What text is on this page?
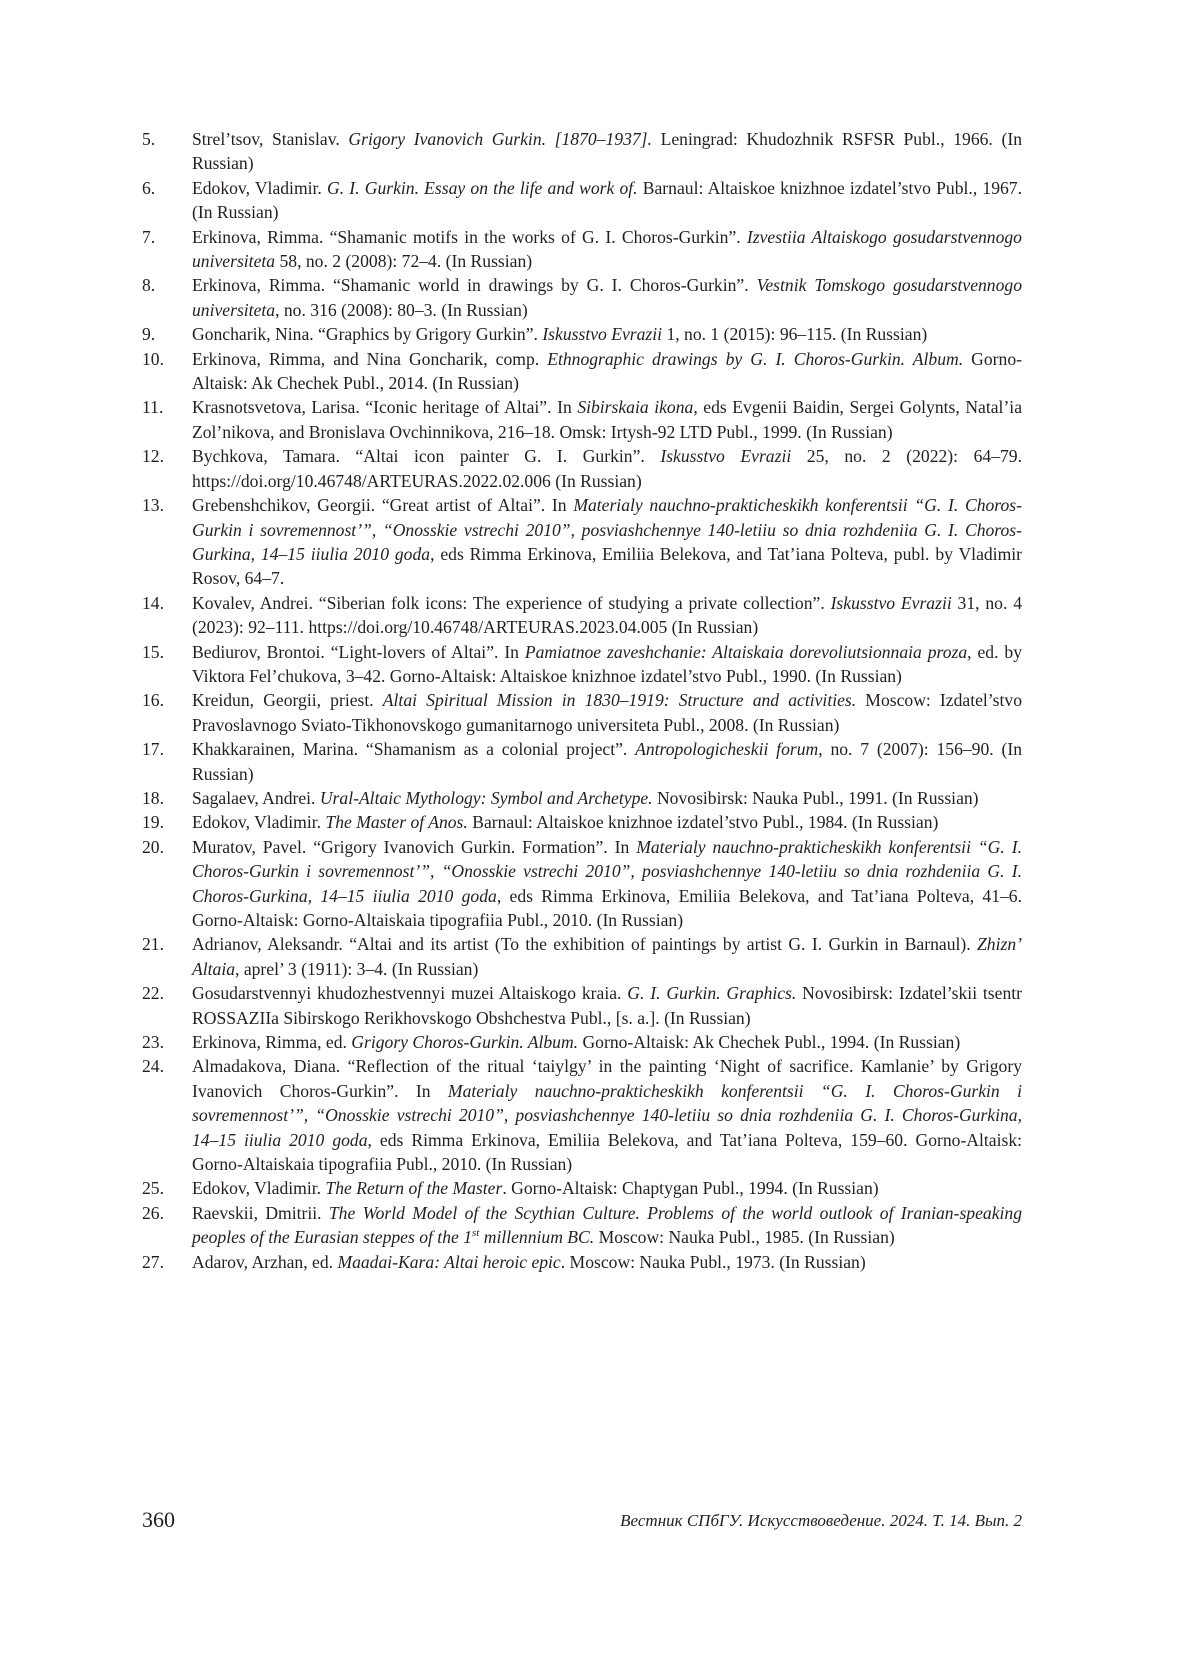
5. Strel’tsov, Stanislav. Grigory Ivanovich Gurkin. [1870–1937]. Leningrad: Khudozhnik RSFSR Publ., 1966. (In Russian)
6. Edokov, Vladimir. G. I. Gurkin. Essay on the life and work of. Barnaul: Altaiskoe knizhnoe izdatel’stvo Publ., 1967. (In Russian)
7. Erkinova, Rimma. “Shamanic motifs in the works of G. I. Choros-Gurkin”. Izvestiia Altaiskogo gosudarstvennogo universiteta 58, no. 2 (2008): 72–4. (In Russian)
8. Erkinova, Rimma. “Shamanic world in drawings by G. I. Choros-Gurkin”. Vestnik Tomskogo gosudarstvennogo universiteta, no. 316 (2008): 80–3. (In Russian)
9. Goncharik, Nina. “Graphics by Grigory Gurkin”. Iskusstvo Evrazii 1, no. 1 (2015): 96–115. (In Russian)
10. Erkinova, Rimma, and Nina Goncharik, comp. Ethnographic drawings by G. I. Choros-Gurkin. Album. Gorno-Altaisk: Ak Chechek Publ., 2014. (In Russian)
11. Krasnotsvetova, Larisa. “Iconic heritage of Altai”. In Sibirskaia ikona, eds Evgenii Baidin, Sergei Golynts, Natal’ia Zol’nikova, and Bronislava Ovchinnikova, 216–18. Omsk: Irtysh-92 LTD Publ., 1999. (In Russian)
12. Bychkova, Tamara. “Altai icon painter G. I. Gurkin”. Iskusstvo Evrazii 25, no. 2 (2022): 64–79. https://doi.org/10.46748/ARTEURAS.2022.02.006 (In Russian)
13. Grebenshchikov, Georgii. “Great artist of Altai”. In Materialy nauchno-prakticheskikh konferentsii “G. I. Choros-Gurkin i sovremennost’”, “Onosskie vstrechi 2010”, posviashchennye 140-letiiu so dnia rozhdeniia G. I. Choros-Gurkina, 14–15 iiulia 2010 goda, eds Rimma Erkinova, Emiliia Belekova, and Tat’iana Polteva, publ. by Vladimir Rosov, 64–7.
14. Kovalev, Andrei. “Siberian folk icons: The experience of studying a private collection”. Iskusstvo Evrazii 31, no. 4 (2023): 92–111. https://doi.org/10.46748/ARTEURAS.2023.04.005 (In Russian)
15. Bediurov, Brontoi. “Light-lovers of Altai”. In Pamiatnoe zaveshchanie: Altaiskaia dorevoliutsionnaia proza, ed. by Viktora Fel’chukova, 3–42. Gorno-Altaisk: Altaiskoe knizhnoe izdatel’stvo Publ., 1990. (In Russian)
16. Kreidun, Georgii, priest. Altai Spiritual Mission in 1830–1919: Structure and activities. Moscow: Izdatel’stvo Pravoslavnogo Sviato-Tikhonovskogo gumanitarnogo universiteta Publ., 2008. (In Russian)
17. Khakkarainen, Marina. “Shamanism as a colonial project”. Antropologicheskii forum, no. 7 (2007): 156–90. (In Russian)
18. Sagalaev, Andrei. Ural-Altaic Mythology: Symbol and Archetype. Novosibirsk: Nauka Publ., 1991. (In Russian)
19. Edokov, Vladimir. The Master of Anos. Barnaul: Altaiskoe knizhnoe izdatel’stvo Publ., 1984. (In Russian)
20. Muratov, Pavel. “Grigory Ivanovich Gurkin. Formation”. In Materialy nauchno-prakticheskikh konferentsii “G. I. Choros-Gurkin i sovremennost’”, “Onosskie vstrechi 2010”, posviashchennye 140-letiiu so dnia rozhdeniia G. I. Choros-Gurkina, 14–15 iiulia 2010 goda, eds Rimma Erkinova, Emiliia Belekova, and Tat’iana Polteva, 41–6. Gorno-Altaisk: Gorno-Altaiskaia tipografiia Publ., 2010. (In Russian)
21. Adrianov, Aleksandr. “Altai and its artist (To the exhibition of paintings by artist G. I. Gurkin in Barnaul). Zhizn’ Altaia, aprel’ 3 (1911): 3–4. (In Russian)
22. Gosudarstvennyi khudozhestvennyi muzei Altaiskogo kraia. G. I. Gurkin. Graphics. Novosibirsk: Izdatel’skii tsentr ROSSAZIIa Sibirskogo Rerikhovskogo Obshchestva Publ., [s. a.]. (In Russian)
23. Erkinova, Rimma, ed. Grigory Choros-Gurkin. Album. Gorno-Altaisk: Ak Chechek Publ., 1994. (In Russian)
24. Almadakova, Diana. “Reflection of the ritual ‘taiylgy’ in the painting ‘Night of sacrifice. Kamlanie’ by Grigory Ivanovich Choros-Gurkin”. In Materialy nauchno-prakticheskikh konferentsii “G. I. Choros-Gurkin i sovremennost’”, “Onosskie vstrechi 2010”, posviashchennye 140-letiiu so dnia rozhdeniia G. I. Choros-Gurkina, 14–15 iiulia 2010 goda, eds Rimma Erkinova, Emiliia Belekova, and Tat’iana Polteva, 159–60. Gorno-Altaisk: Gorno-Altaiskaia tipografiia Publ., 2010. (In Russian)
25. Edokov, Vladimir. The Return of the Master. Gorno-Altaisk: Chaptygan Publ., 1994. (In Russian)
26. Raevskii, Dmitrii. The World Model of the Scythian Culture. Problems of the world outlook of Iranian-speaking peoples of the Eurasian steppes of the 1st millennium BC. Moscow: Nauka Publ., 1985. (In Russian)
27. Adarov, Arzhan, ed. Maadai-Kara: Altai heroic epic. Moscow: Nauka Publ., 1973. (In Russian)
360	Вестник СПбГУ. Искусствоведение. 2024. Т. 14. Вып. 2
